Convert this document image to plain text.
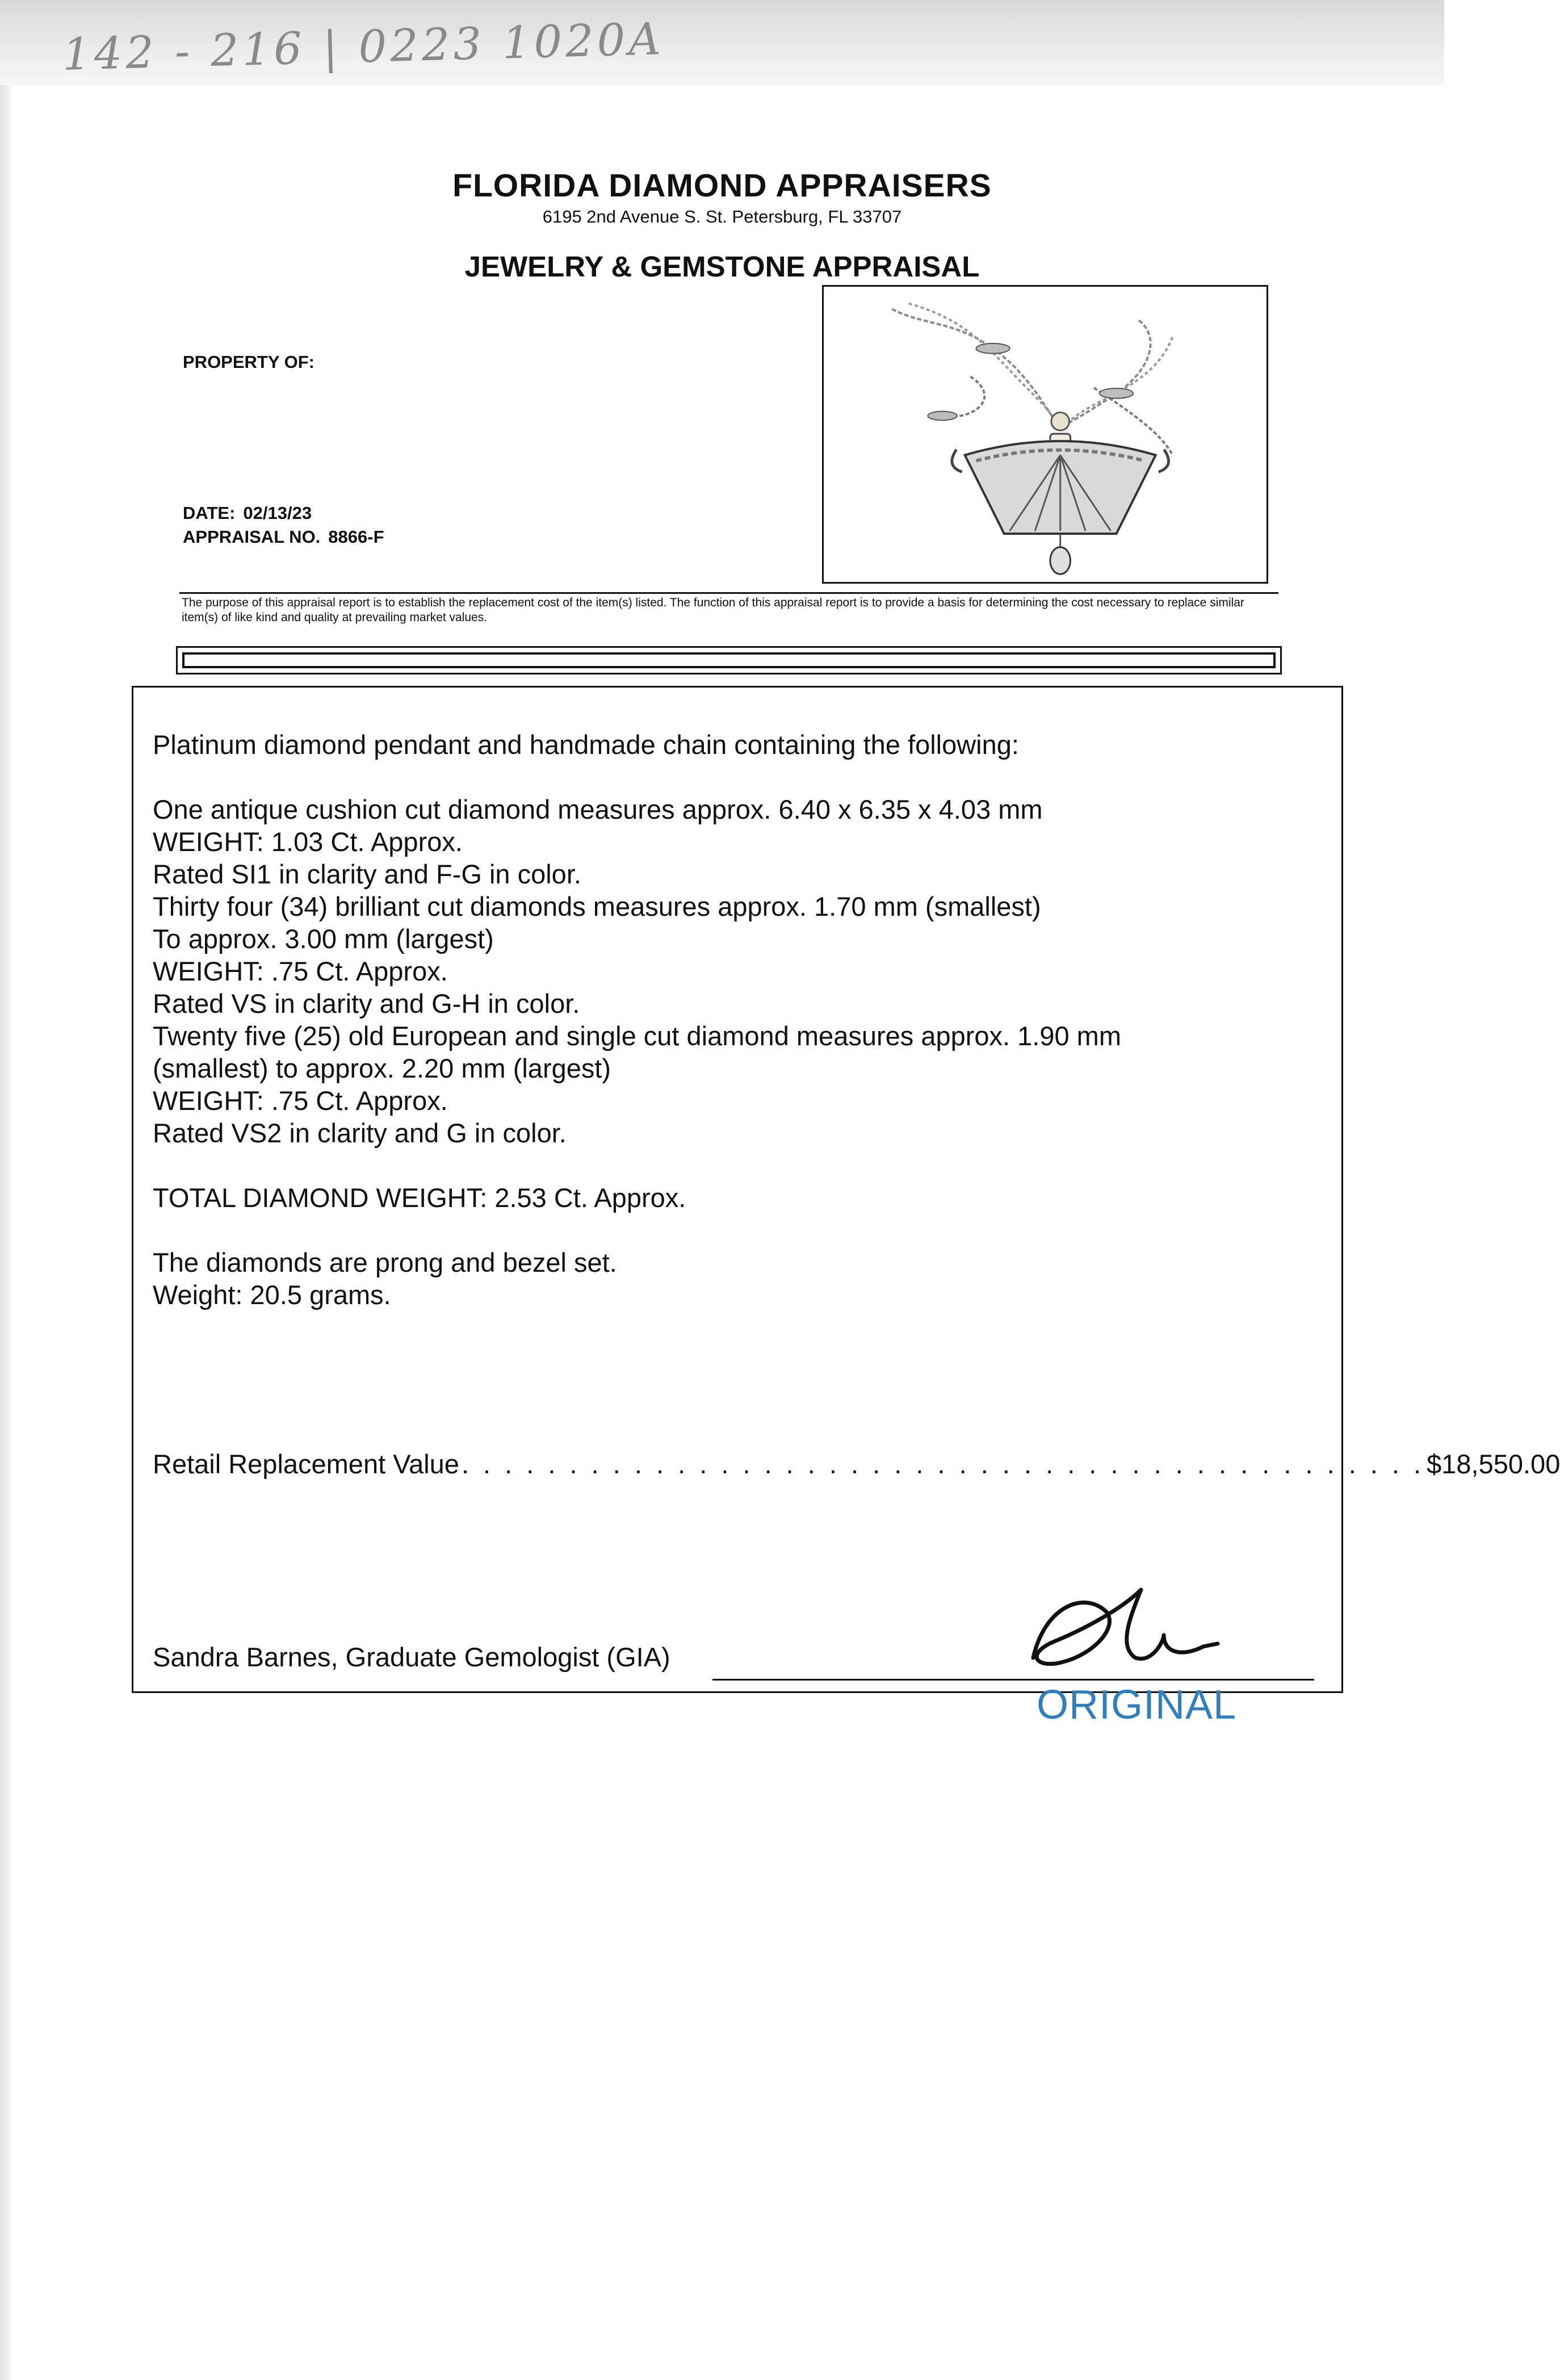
142 - 216 | 0223 1020A
FLORIDA DIAMOND APPRAISERS
6195 2nd Avenue S. St. Petersburg, FL 33707
JEWELRY & GEMSTONE APPRAISAL
PROPERTY OF:
DATE: 02/13/23
APPRAISAL NO. 8866-F
The purpose of this appraisal report is to establish the replacement cost of the item(s) listed. The function of this appraisal report is to provide a basis for determining the cost necessary to replace similar item(s) of like kind and quality at prevailing market values.

Platinum diamond pendant and handmade chain containing the following:

One antique cushion cut diamond measures approx. 6.40 x 6.35 x 4.03 mm

WEIGHT: 1.03 Ct. Approx.

Rated SI1 in clarity and F-G in color.

Thirty four (34) brilliant cut diamonds measures approx. 1.70 mm (smallest)

To approx. 3.00 mm (largest)

WEIGHT: .75 Ct. Approx.

Rated VS in clarity and G-H in color.

Twenty five (25) old European and single cut diamond measures approx. 1.90 mm

(smallest) to approx. 2.20 mm (largest)

WEIGHT: .75 Ct. Approx.

Rated VS2 in clarity and G in color.

TOTAL DIAMOND WEIGHT: 2.53 Ct. Approx.

The diamonds are prong and bezel set.

Weight: 20.5 grams.

Retail Replacement Value . . . . . . . . . . . . . . . . . . . . . . . . . . . . . . . . . . . . . . . . . . . . . $18,550.00
Sandra Barnes, Graduate Gemologist (GIA)
ORIGINAL
